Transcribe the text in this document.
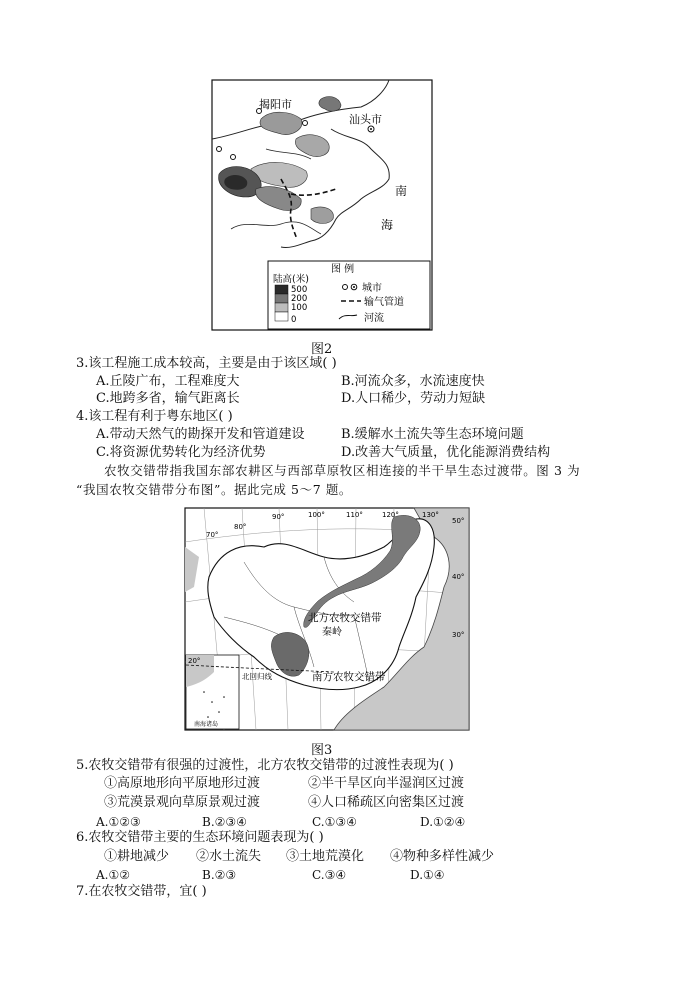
揭阳市
汕头市
南
海
图 例
陆高(米)
500
200
100
0
城市
输气管道
河流
图2
3.该工程施工成本较高，主要是由于该区域( )
A.丘陵广布，工程难度大	B.河流众多，水流速度快
C.地跨多省，输气距离长	D.人口稀少，劳动力短缺
4.该工程有利于粤东地区( )
A.带动天然气的勘探开发和管道建设	B.缓解水土流失等生态环境问题
C.将资源优势转化为经济优势	D.改善大气质量，优化能源消费结构
农牧交错带指我国东部农耕区与西部草原牧区相连接的半干旱生态过渡带。图 3 为
“我国农牧交错带分布图”。据此完成 5～7 题。
70°
80°
90°	100°	110°	120°	130°
50°
40°
30°
20°
北方农牧交错带
秦岭
南方农牧交错带
北回归线
南海诸岛
图3
5.农牧交错带有很强的过渡性，北方农牧交错带的过渡性表现为( )
①高原地形向平原地形过渡	②半干旱区向半湿润区过渡
③荒漠景观向草原景观过渡	④人口稀疏区向密集区过渡
A.①②③	B.②③④	C.①③④	D.①②④
6.农牧交错带主要的生态环境问题表现为( )
①耕地减少 ②水土流失 ③土地荒漠化 ④物种多样性减少
A.①②	B.②③	C.③④	D.①④
7.在农牧交错带，宜( )
